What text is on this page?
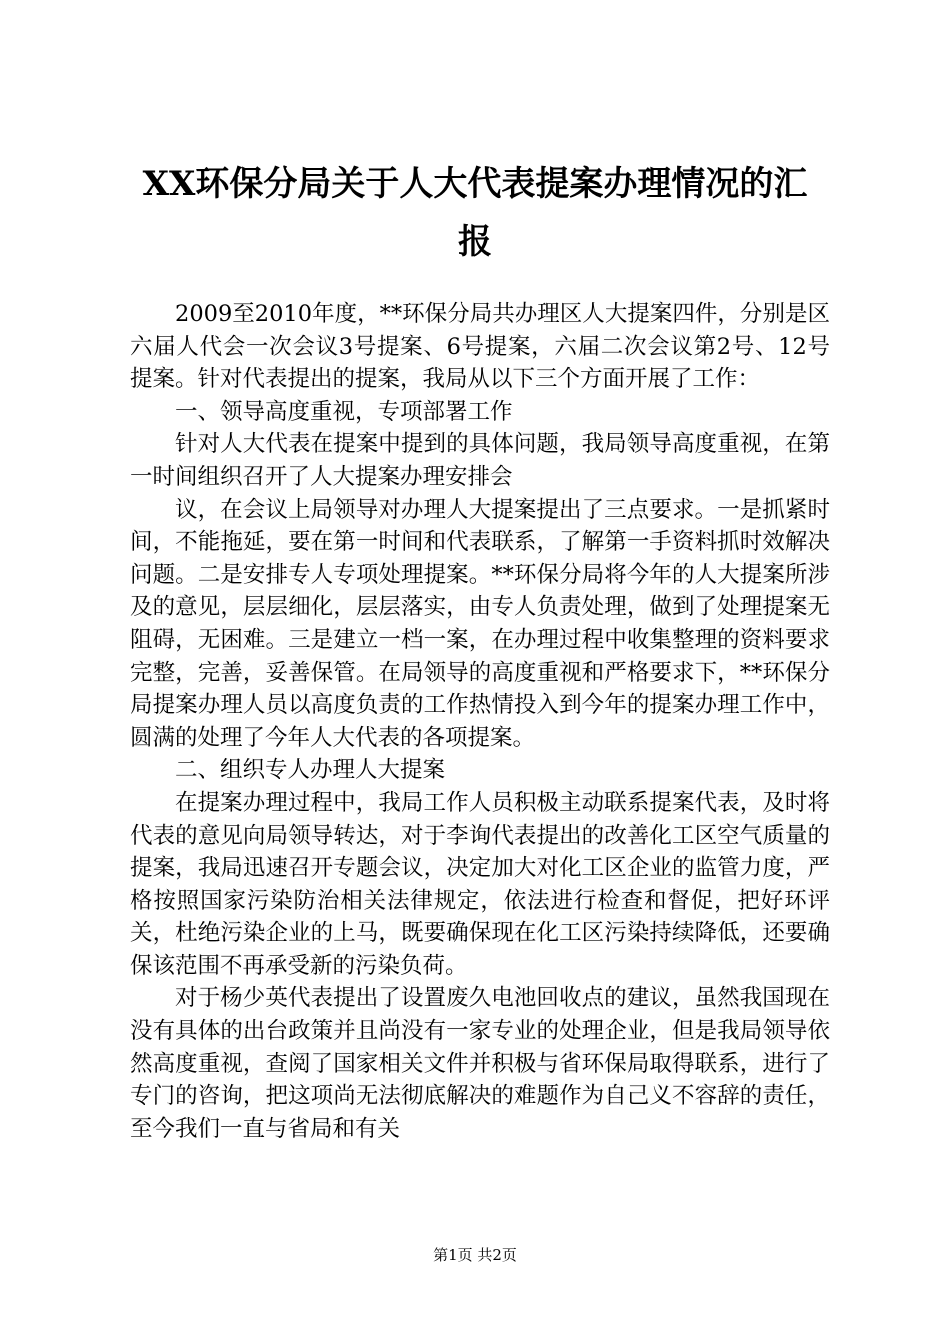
XX环保分局关于人大代表提案办理情况的汇
报

2009至2010年度，**环保分局共办理区人大提案四件，分别是区六届人代会一次会议3号提案、6号提案，六届二次会议第2号、12号提案。针对代表提出的提案，我局从以下三个方面开展了工作：

一、领导高度重视，专项部署工作

针对人大代表在提案中提到的具体问题，我局领导高度重视，在第一时间组织召开了人大提案办理安排会

议，在会议上局领导对办理人大提案提出了三点要求。一是抓紧时间，不能拖延，要在第一时间和代表联系，了解第一手资料抓时效解决问题。二是安排专人专项处理提案。**环保分局将今年的人大提案所涉及的意见，层层细化，层层落实，由专人负责处理，做到了处理提案无阻碍，无困难。三是建立一档一案，在办理过程中收集整理的资料要求完整，完善，妥善保管。在局领导的高度重视和严格要求下，**环保分局提案办理人员以高度负责的工作热情投入到今年的提案办理工作中，圆满的处理了今年人大代表的各项提案。

二、组织专人办理人大提案

在提案办理过程中，我局工作人员积极主动联系提案代表，及时将代表的意见向局领导转达，对于李询代表提出的改善化工区空气质量的提案，我局迅速召开专题会议，决定加大对化工区企业的监管力度，严格按照国家污染防治相关法律规定，依法进行检查和督促，把好环评关，杜绝污染企业的上马，既要确保现在化工区污染持续降低，还要确保该范围不再承受新的污染负荷。

对于杨少英代表提出了设置废久电池回收点的建议，虽然我国现在没有具体的出台政策并且尚没有一家专业的处理企业，但是我局领导依然高度重视，查阅了国家相关文件并积极与省环保局取得联系，进行了专门的咨询，把这项尚无法彻底解决的难题作为自己义不容辞的责任，至今我们一直与省局和有关

第1页 共2页
